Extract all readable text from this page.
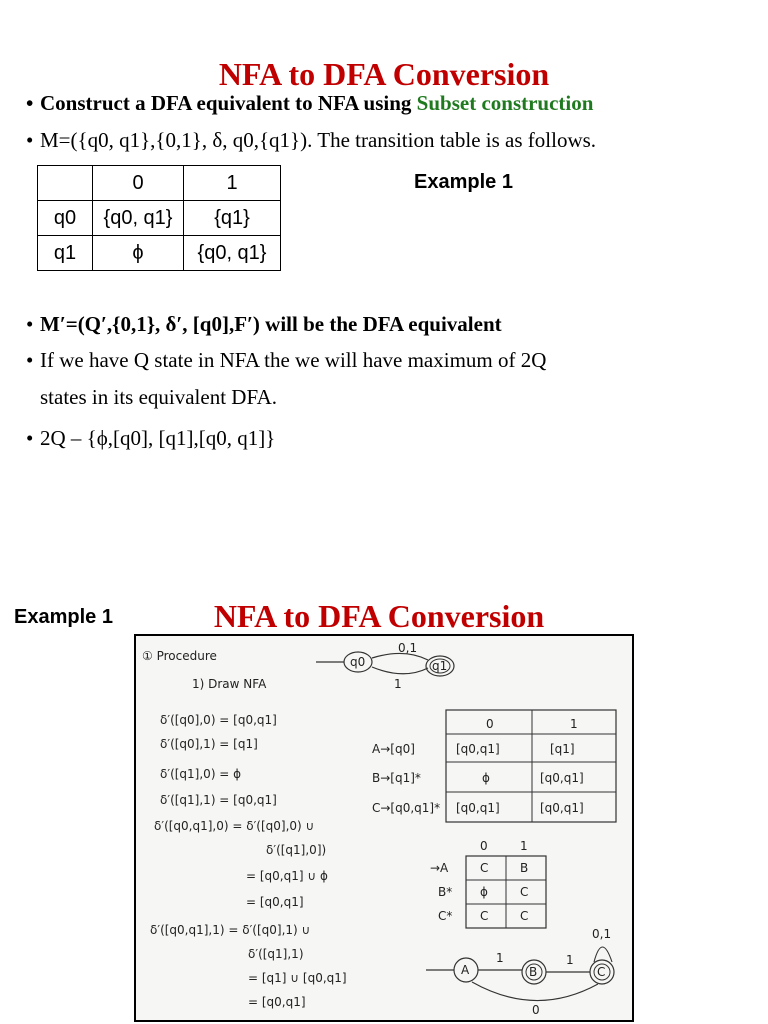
NFA to DFA Conversion
• Construct a DFA equivalent to NFA using Subset construction
• M=({q0, q1},{0,1}, δ, q0,{q1}). The transition table is as follows.
	0	1
q0	{q0, q1}	{q1}
q1	ϕ	{q0, q1}
Example 1
• M′=(Q′,{0,1}, δ′, [q0],F′) will be the DFA equivalent
• If we have Q state in NFA the we will have maximum of 2Q
states in its equivalent DFA.
• 2Q – {ϕ,[q0], [q1],[q0, q1]}
Example 1	NFA to DFA Conversion
① Procedure
1) Draw NFA
q0	q1
0,1
1
δ′([q0],0) = [q0,q1]
δ′([q0],1) = [q1]
δ′([q1],0) = ϕ
δ′([q1],1) = [q0,q1]
δ′([q0,q1],0) = δ′([q0],0) ∪
δ′([q1],0])
= [q0,q1] ∪ ϕ
= [q0,q1]
δ′([q0,q1],1) = δ′([q0],1) ∪
δ′([q1],1)
= [q1] ∪ [q0,q1]
= [q0,q1]
0	1
A→[q0]	[q0,q1]	[q1]
B→[q1]*	ϕ	[q0,q1]
C→[q0,q1]* [q0,q1]	[q0,q1]
0	1
→A	C	B
B* ϕ	C
C* C	C
A
1
B
1
C
0,1
0
